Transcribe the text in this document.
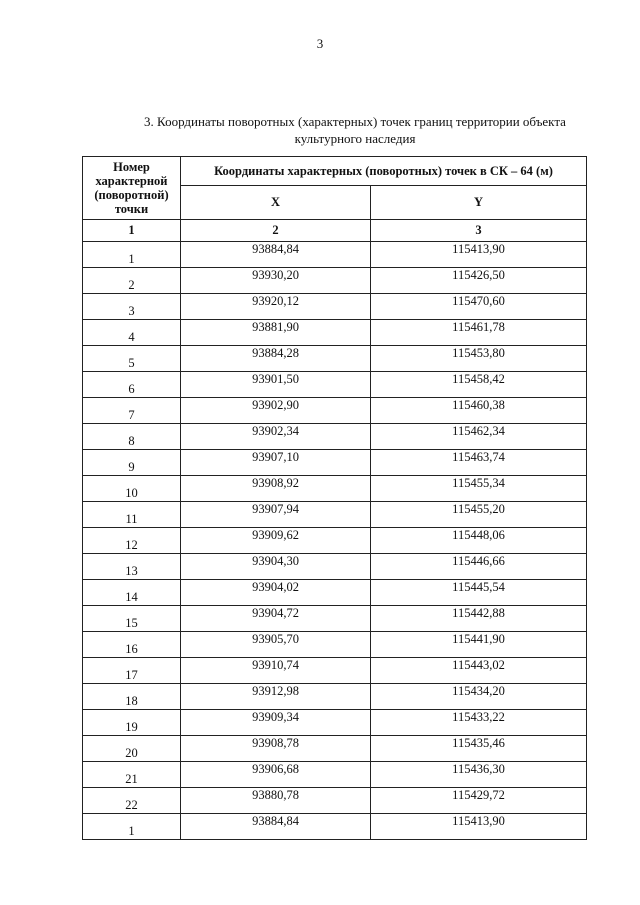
3
3. Координаты поворотных (характерных) точек границ территории объекта
культурного наследия
Номер
характерной
(поворотной)
точки	Координаты характерных (поворотных) точек в СК – 64 (м)	
	X	Y
1	2	3
1	93884,84	115413,90
2	93930,20	115426,50
3	93920,12	115470,60
4	93881,90	115461,78
5	93884,28	115453,80
6	93901,50	115458,42
7	93902,90	115460,38
8	93902,34	115462,34
9	93907,10	115463,74
10	93908,92	115455,34
11	93907,94	115455,20
12	93909,62	115448,06
13	93904,30	115446,66
14	93904,02	115445,54
15	93904,72	115442,88
16	93905,70	115441,90
17	93910,74	115443,02
18	93912,98	115434,20
19	93909,34	115433,22
20	93908,78	115435,46
21	93906,68	115436,30
22	93880,78	115429,72
1	93884,84	115413,90
